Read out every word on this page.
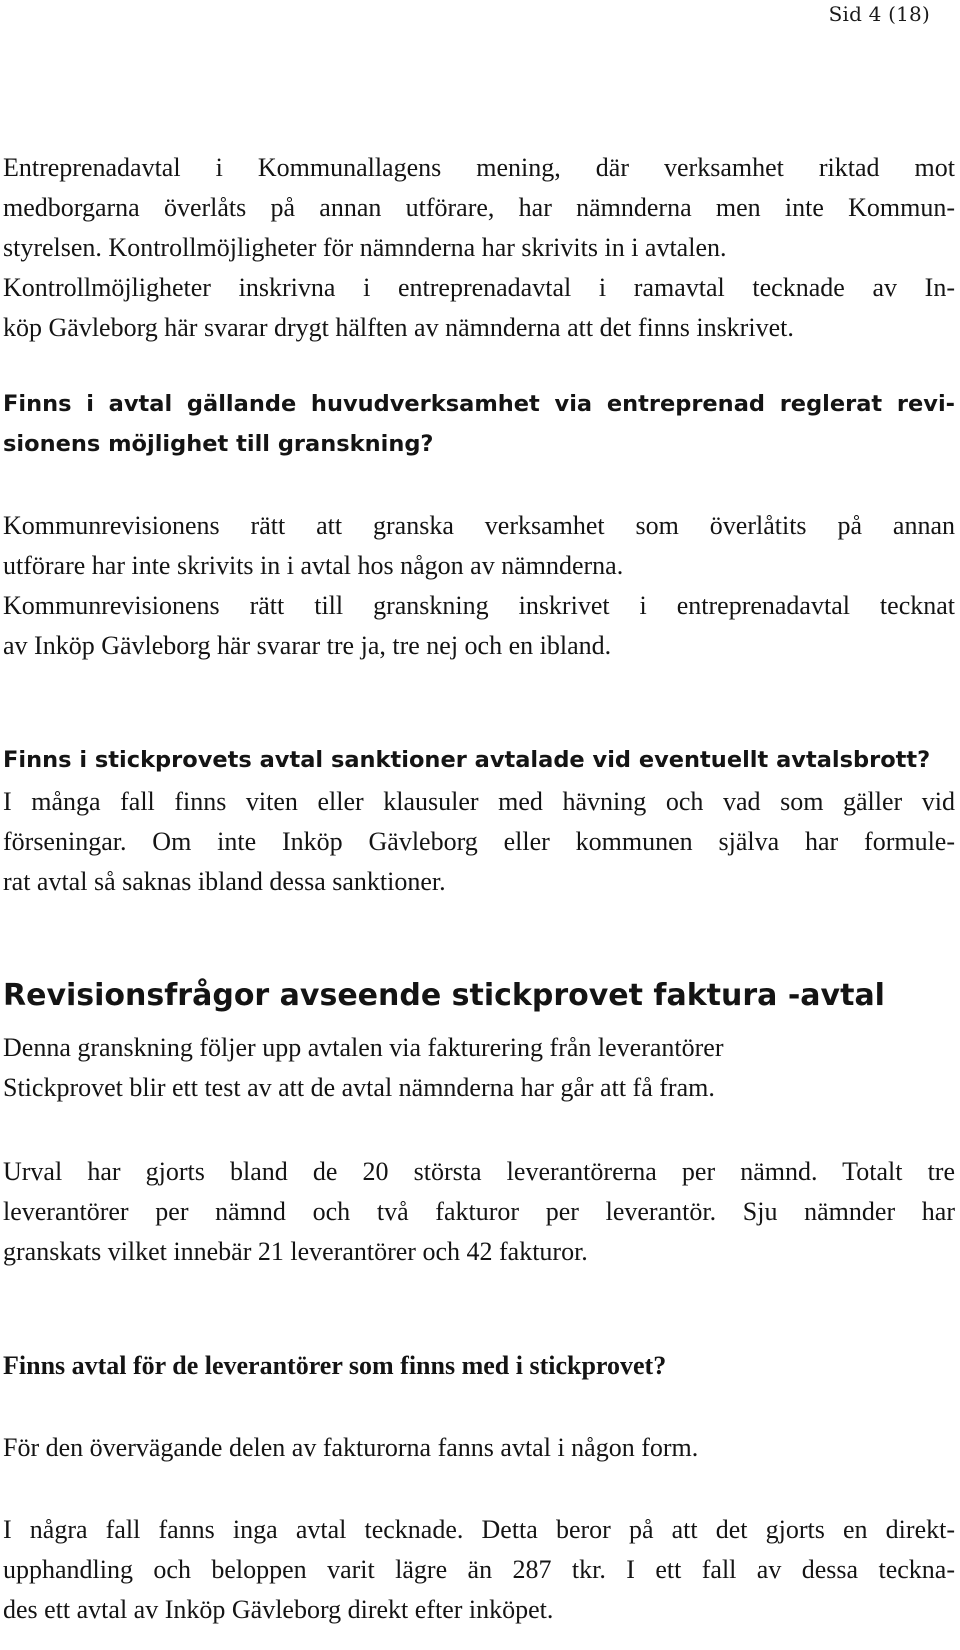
Sid 4 (18)

Entreprenadavtal i Kommunallagens mening, där verksamhet riktad mot
medborgarna överlåts på annan utförare, har nämnderna men inte Kommun-
styrelsen. Kontrollmöjligheter för nämnderna har skrivits in i avtalen.
Kontrollmöjligheter inskrivna i entreprenadavtal i ramavtal tecknade av In-
köp Gävleborg här svarar drygt hälften av nämnderna att det finns inskrivet.

Finns i avtal gällande huvudverksamhet via entreprenad reglerat revi-
sionens möjlighet till granskning?

Kommunrevisionens rätt att granska verksamhet som överlåtits på annan
utförare har inte skrivits in i avtal hos någon av nämnderna.
Kommunrevisionens rätt till granskning inskrivet i entreprenadavtal tecknat
av Inköp Gävleborg här svarar tre ja, tre nej och en ibland.

Finns i stickprovets avtal sanktioner avtalade vid eventuellt avtalsbrott?

I många fall finns viten eller klausuler med hävning och vad som gäller vid
förseningar. Om inte Inköp Gävleborg eller kommunen själva har formule-
rat avtal så saknas ibland dessa sanktioner.

Revisionsfrågor avseende stickprovet faktura -avtal

Denna granskning följer upp avtalen via fakturering från leverantörer
Stickprovet blir ett test av att de avtal nämnderna har går att få fram.

Urval har gjorts bland de 20 största leverantörerna per nämnd. Totalt tre
leverantörer per nämnd och två fakturor per leverantör. Sju nämnder har
granskats vilket innebär 21 leverantörer och 42 fakturor.

Finns avtal för de leverantörer som finns med i stickprovet?

För den övervägande delen av fakturorna fanns avtal i någon form.

I några fall fanns inga avtal tecknade. Detta beror på att det gjorts en direkt-
upphandling och beloppen varit lägre än 287 tkr. I ett fall av dessa teckna-
des ett avtal av Inköp Gävleborg direkt efter inköpet.
